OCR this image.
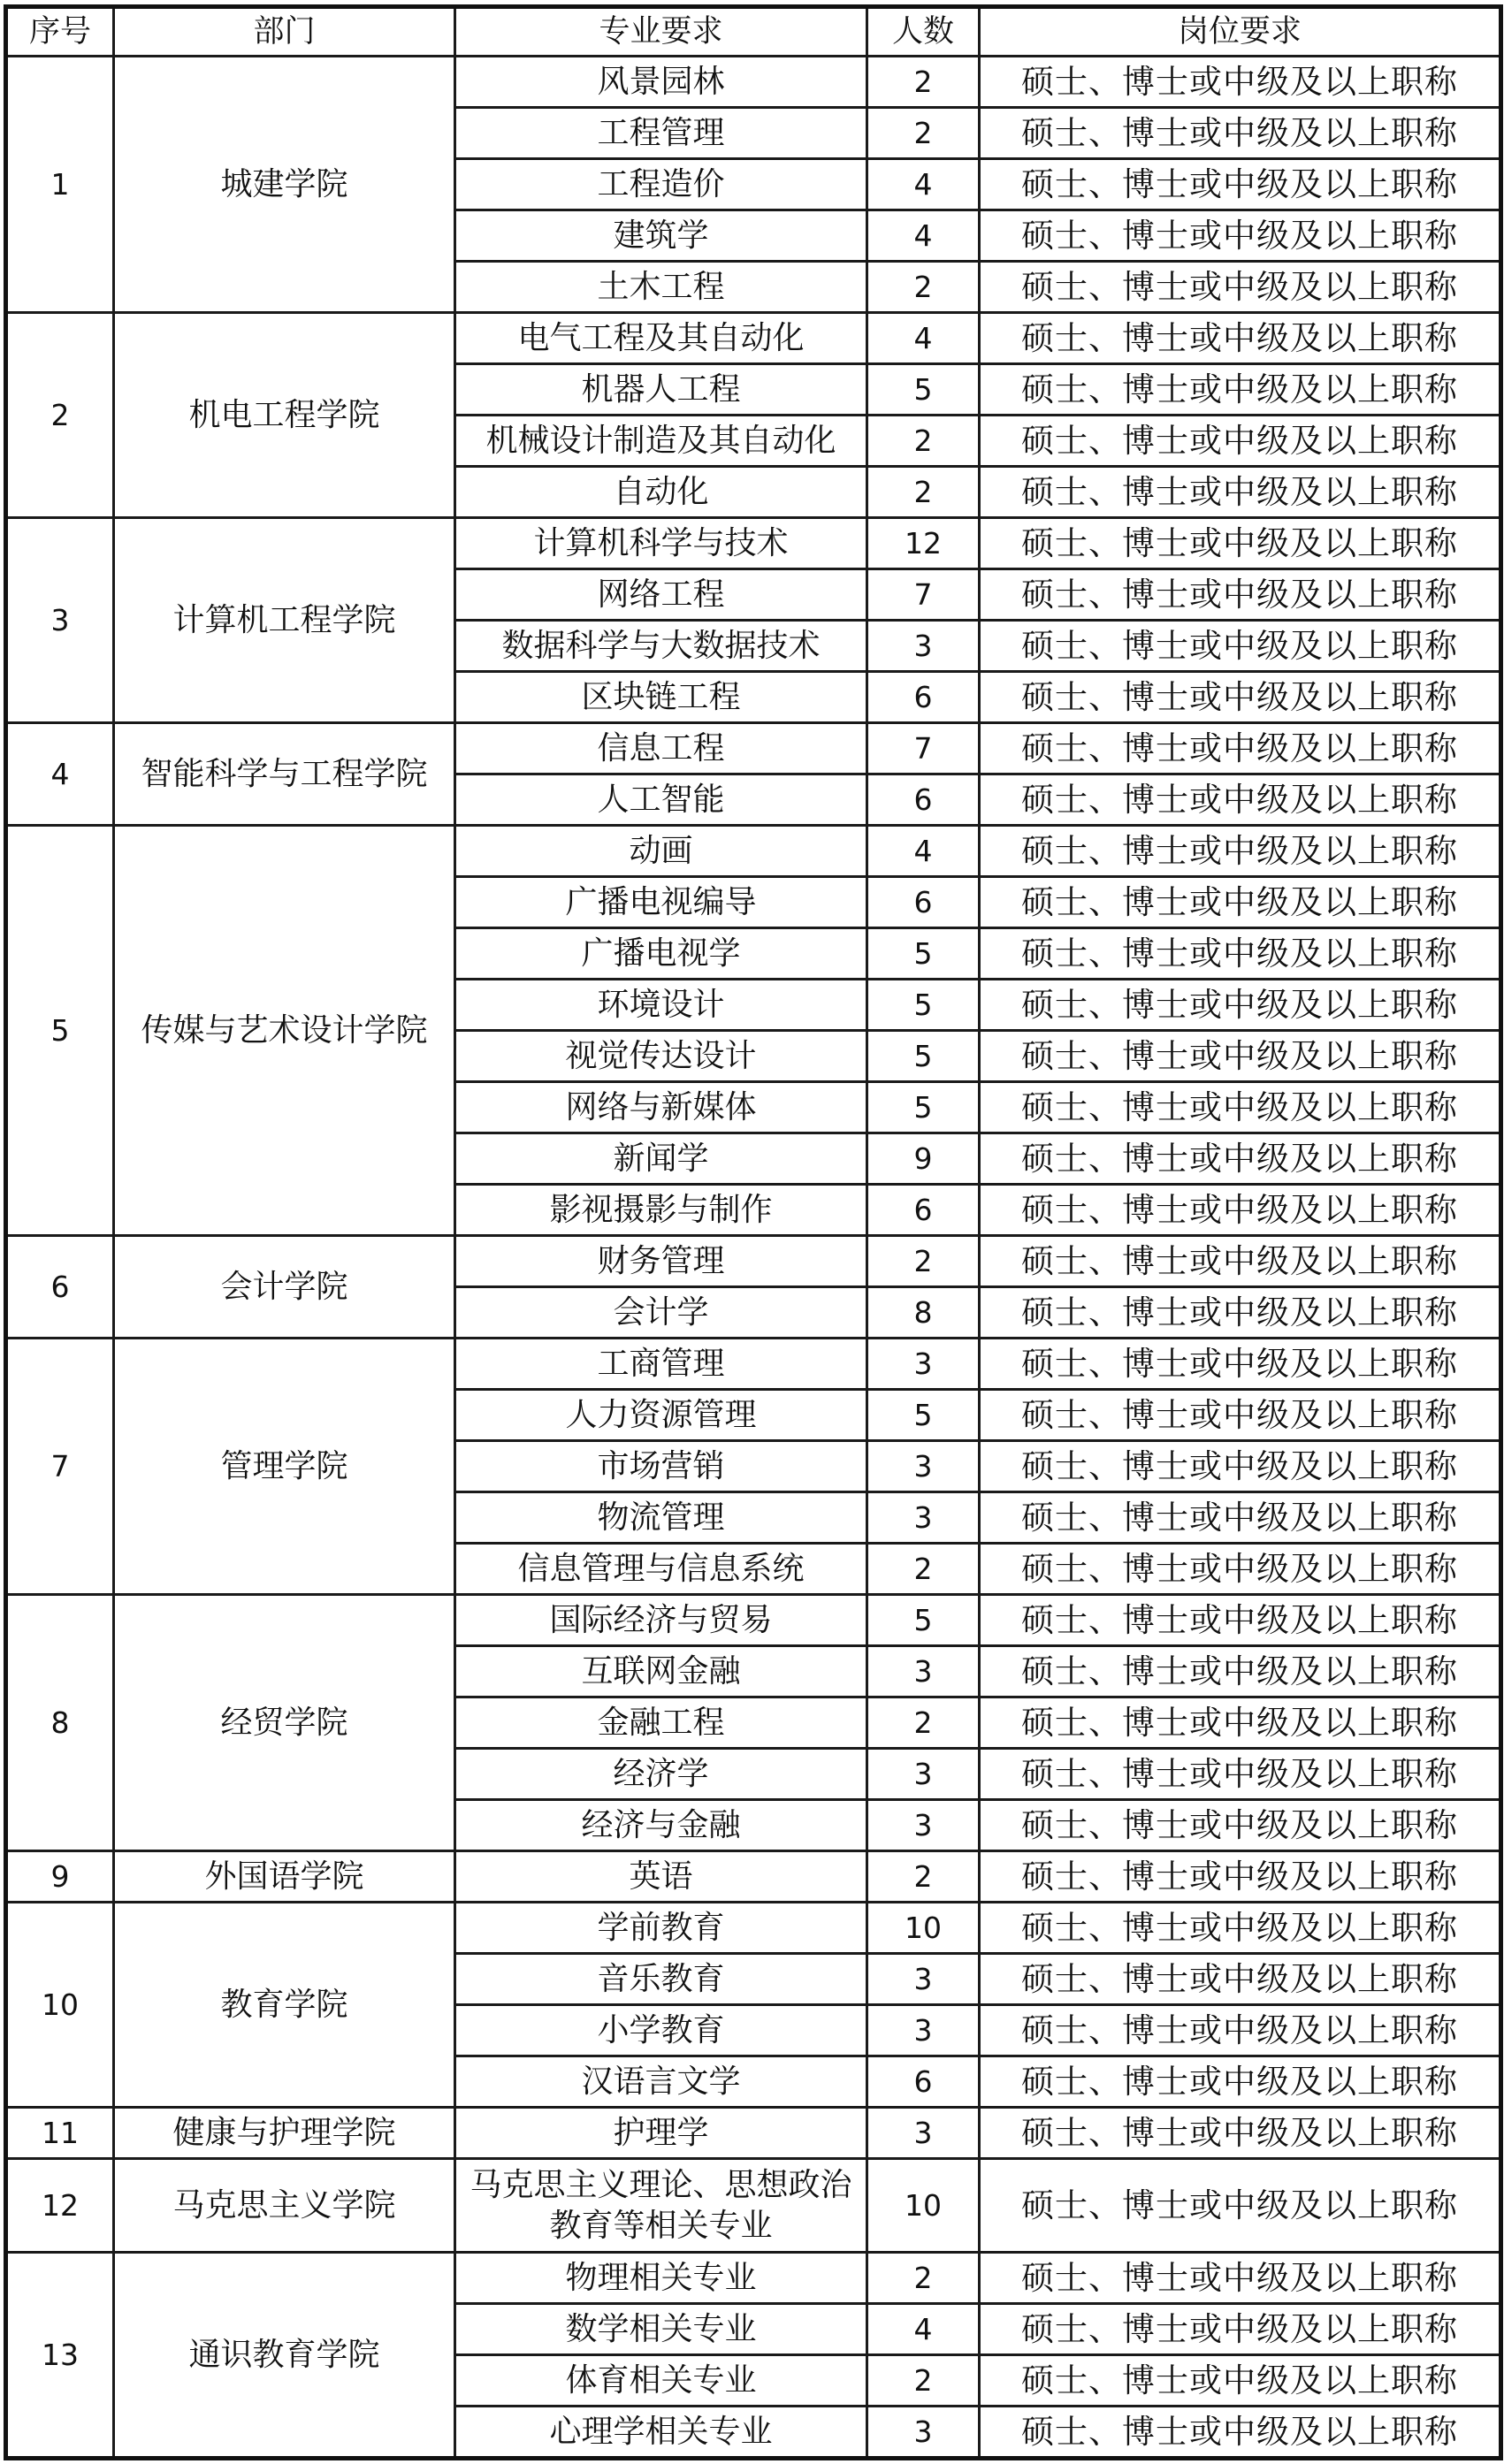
序号	部门	专业要求	人数	岗位要求
1	城建学院	风景园林	2	硕士、博士或中级及以上职称
		工程管理	2	硕士、博士或中级及以上职称
		工程造价	4	硕士、博士或中级及以上职称
		建筑学	4	硕士、博士或中级及以上职称
		土木工程	2	硕士、博士或中级及以上职称
2	机电工程学院	电气工程及其自动化	4	硕士、博士或中级及以上职称
		机器人工程	5	硕士、博士或中级及以上职称
		机械设计制造及其自动化	2	硕士、博士或中级及以上职称
		自动化	2	硕士、博士或中级及以上职称
3	计算机工程学院	计算机科学与技术	12	硕士、博士或中级及以上职称
		网络工程	7	硕士、博士或中级及以上职称
		数据科学与大数据技术	3	硕士、博士或中级及以上职称
		区块链工程	6	硕士、博士或中级及以上职称
4	智能科学与工程学院	信息工程	7	硕士、博士或中级及以上职称
		人工智能	6	硕士、博士或中级及以上职称
5	传媒与艺术设计学院	动画	4	硕士、博士或中级及以上职称
		广播电视编导	6	硕士、博士或中级及以上职称
		广播电视学	5	硕士、博士或中级及以上职称
		环境设计	5	硕士、博士或中级及以上职称
		视觉传达设计	5	硕士、博士或中级及以上职称
		网络与新媒体	5	硕士、博士或中级及以上职称
		新闻学	9	硕士、博士或中级及以上职称
		影视摄影与制作	6	硕士、博士或中级及以上职称
6	会计学院	财务管理	2	硕士、博士或中级及以上职称
		会计学	8	硕士、博士或中级及以上职称
7	管理学院	工商管理	3	硕士、博士或中级及以上职称
		人力资源管理	5	硕士、博士或中级及以上职称
		市场营销	3	硕士、博士或中级及以上职称
		物流管理	3	硕士、博士或中级及以上职称
		信息管理与信息系统	2	硕士、博士或中级及以上职称
8	经贸学院	国际经济与贸易	5	硕士、博士或中级及以上职称
		互联网金融	3	硕士、博士或中级及以上职称
		金融工程	2	硕士、博士或中级及以上职称
		经济学	3	硕士、博士或中级及以上职称
		经济与金融	3	硕士、博士或中级及以上职称
9	外国语学院	英语	2	硕士、博士或中级及以上职称
10	教育学院	学前教育	10	硕士、博士或中级及以上职称
		音乐教育	3	硕士、博士或中级及以上职称
		小学教育	3	硕士、博士或中级及以上职称
		汉语言文学	6	硕士、博士或中级及以上职称
11	健康与护理学院	护理学	3	硕士、博士或中级及以上职称
12	马克思主义学院	马克思主义理论、思想政治教育等相关专业	10	硕士、博士或中级及以上职称
13	通识教育学院	物理相关专业	2	硕士、博士或中级及以上职称
		数学相关专业	4	硕士、博士或中级及以上职称
		体育相关专业	2	硕士、博士或中级及以上职称
		心理学相关专业	3	硕士、博士或中级及以上职称
